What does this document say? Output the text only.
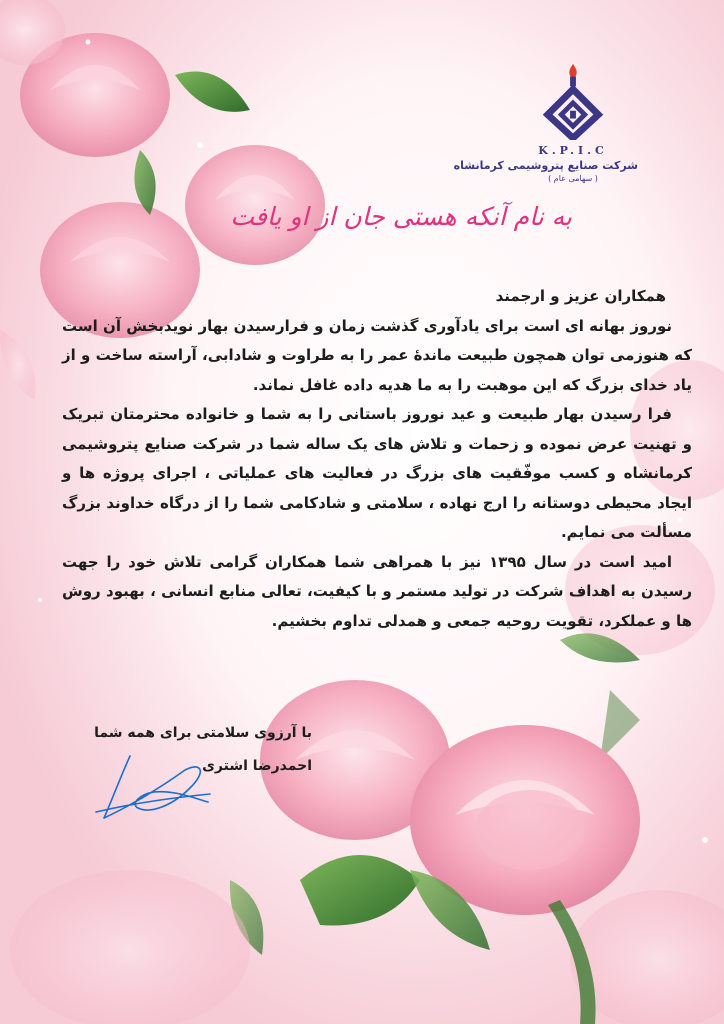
K.P.I.C
شرکت صنایع پتروشیمی کرمانشاه
( سهامی عام )
به نام آنکه هستی جان از او یافت

همکاران عزیز و ارجمند

نوروز بهانه ای است برای یادآوری گذشت زمان و فرارسیدن بهار نویدبخش آن است که هنوزمی توان همچون طبیعت ماندۀ عمر را به طراوت و شادابی، آراسته ساخت و از یاد خدای بزرگ که این موهبت را به ما هدیه داده غافل نماند.

فرا رسیدن بهار طبیعت و عید نوروز باستانی را به شما و خانواده محترمتان تبریک و تهنیت عرض نموده و زحمات و تلاش های یک ساله شما در شرکت صنایع پتروشیمی کرمانشاه و کسب موفّقیت های بزرگ در فعالیت های عملیاتی ، اجرای پروژه ها و ایجاد محیطی دوستانه را ارج نهاده ، سلامتی و شادکامی شما را از درگاه خداوند بزرگ مسألت می نمایم.

امید است در سال ۱۳۹۵ نیز با همراهی شما همکاران گرامی تلاش خود را جهت رسیدن به اهداف شرکت در تولید مستمر و با کیفیت، تعالی منابع انسانی ، بهبود روش ها و عملکرد، تقویت روحیه جمعی و همدلی تداوم بخشیم.

با آرزوی سلامتی برای همه شما
احمدرضا اشتری
